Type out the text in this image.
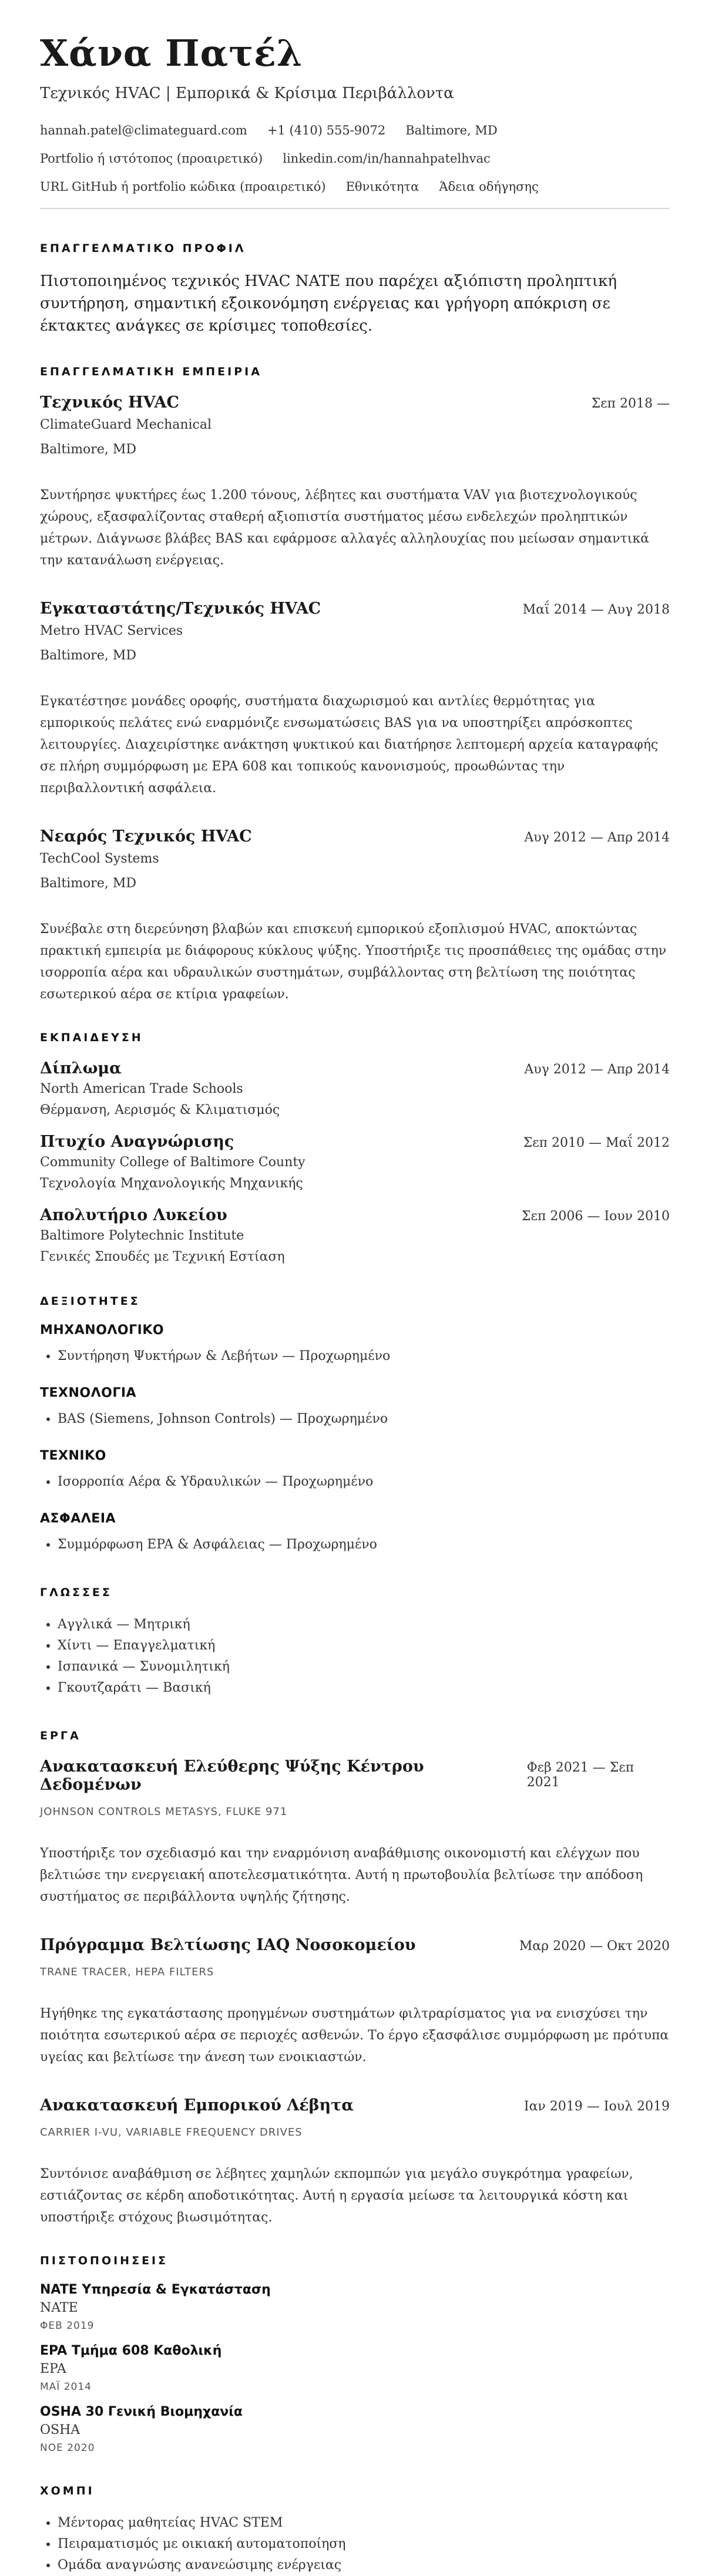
Χάνα Πατέλ
Τεχνικός HVAC | Εμπορικά & Κρίσιμα Περιβάλλοντα
hannah.patel@climateguard.com +1 (410) 555-9072 Baltimore, MD
Portfolio ή ιστότοπος (προαιρετικό) linkedin.com/in/hannahpatelhvac
URL GitHub ή portfolio κώδικα (προαιρετικό) Εθνικότητα Άδεια οδήγησης
ΕΠΑΓΓΕΛΜΑΤΙΚΟ ΠΡΟΦΙΛ

Πιστοποιημένος τεχνικός HVAC NATE που παρέχει αξιόπιστη προληπτική συντήρηση, σημαντική εξοικονόμηση ενέργειας και γρήγορη απόκριση σε έκτακτες ανάγκες σε κρίσιμες τοποθεσίες.

ΕΠΑΓΓΕΛΜΑΤΙΚΗ ΕΜΠΕΙΡΙΑ
Τεχνικός HVAC	Σεπ 2018 —
ClimateGuard Mechanical
Baltimore, MD
Συντήρησε ψυκτήρες έως 1.200 τόνους, λέβητες και συστήματα VAV για βιοτεχνολογικούς χώρους, εξασφαλίζοντας σταθερή αξιοπιστία συστήματος μέσω ενδελεχών προληπτικών μέτρων. Διάγνωσε βλάβες BAS και εφάρμοσε αλλαγές αλληλουχίας που μείωσαν σημαντικά την κατανάλωση ενέργειας.
Εγκαταστάτης/Τεχνικός HVAC	Μαΐ 2014 — Αυγ 2018
Metro HVAC Services
Baltimore, MD
Εγκατέστησε μονάδες οροφής, συστήματα διαχωρισμού και αντλίες θερμότητας για εμπορικούς πελάτες ενώ εναρμόνιζε ενσωματώσεις BAS για να υποστηρίξει απρόσκοπτες λειτουργίες. Διαχειρίστηκε ανάκτηση ψυκτικού και διατήρησε λεπτομερή αρχεία καταγραφής σε πλήρη συμμόρφωση με EPA 608 και τοπικούς κανονισμούς, προωθώντας την περιβαλλοντική ασφάλεια.
Νεαρός Τεχνικός HVAC	Αυγ 2012 — Απρ 2014
TechCool Systems
Baltimore, MD
Συνέβαλε στη διερεύνηση βλαβών και επισκευή εμπορικού εξοπλισμού HVAC, αποκτώντας πρακτική εμπειρία με διάφορους κύκλους ψύξης. Υποστήριξε τις προσπάθειες της ομάδας στην ισορροπία αέρα και υδραυλικών συστημάτων, συμβάλλοντας στη βελτίωση της ποιότητας εσωτερικού αέρα σε κτίρια γραφείων.
ΕΚΠΑΙΔΕΥΣΗ
Δίπλωμα	Αυγ 2012 — Απρ 2014
North American Trade Schools
Θέρμανση, Αερισμός & Κλιματισμός
Πτυχίο Αναγνώρισης	Σεπ 2010 — Μαΐ 2012
Community College of Baltimore County
Τεχνολογία Μηχανολογικής Μηχανικής
Απολυτήριο Λυκείου	Σεπ 2006 — Ιουν 2010
Baltimore Polytechnic Institute
Γενικές Σπουδές με Τεχνική Εστίαση
ΔΕΞΙΟΤΗΤΕΣ
ΜΗΧΑΝΟΛΟΓΙΚΟ
• Συντήρηση Ψυκτήρων & Λεβήτων — Προχωρημένο
ΤΕΧΝΟΛΟΓΙΑ
• BAS (Siemens, Johnson Controls) — Προχωρημένο
ΤΕΧΝΙΚΟ
• Ισορροπία Αέρα & Υδραυλικών — Προχωρημένο
ΑΣΦΑΛΕΙΑ
• Συμμόρφωση EPA & Ασφάλειας — Προχωρημένο
ΓΛΩΣΣΕΣ
• Αγγλικά — Μητρική
• Χίντι — Επαγγελματική
• Ισπανικά — Συνομιλητική
• Γκουτζαράτι — Βασική
ΕΡΓΑ
Ανακατασκευή Ελεύθερης Ψύξης Κέντρου Δεδομένων
Φεβ 2021 — Σεπ 2021
JOHNSON CONTROLS METASYS, FLUKE 971
Υποστήριξε τον σχεδιασμό και την εναρμόνιση αναβάθμισης οικονομιστή και ελέγχων που βελτιώσε την ενεργειακή αποτελεσματικότητα. Αυτή η πρωτοβουλία βελτίωσε την απόδοση συστήματος σε περιβάλλοντα υψηλής ζήτησης.
Πρόγραμμα Βελτίωσης IAQ Νοσοκομείου	Μαρ 2020 — Οκτ 2020
TRANE TRACER, HEPA FILTERS
Ηγήθηκε της εγκατάστασης προηγμένων συστημάτων φιλτραρίσματος για να ενισχύσει την ποιότητα εσωτερικού αέρα σε περιοχές ασθενών. Το έργο εξασφάλισε συμμόρφωση με πρότυπα υγείας και βελτίωσε την άνεση των ενοικιαστών.
Ανακατασκευή Εμπορικού Λέβητα	Ιαν 2019 — Ιουλ 2019
CARRIER I-VU, VARIABLE FREQUENCY DRIVES
Συντόνισε αναβάθμιση σε λέβητες χαμηλών εκπομπών για μεγάλο συγκρότημα γραφείων, εστιάζοντας σε κέρδη αποδοτικότητας. Αυτή η εργασία μείωσε τα λειτουργικά κόστη και υποστήριξε στόχους βιωσιμότητας.
ΠΙΣΤΟΠΟΙΗΣΕΙΣ
NATE Υπηρεσία & Εγκατάσταση
NATE
ΦΕΒ 2019
EPA Τμήμα 608 Καθολική
EPA
ΜΑΪ 2014
OSHA 30 Γενική Βιομηχανία
OSHA
ΝΟΕ 2020
ΧΟΜΠΙ
• Μέντορας μαθητείας HVAC STEM
• Πειραματισμός με οικιακή αυτοματοποίηση
• Ομάδα αναγνώσης ανανεώσιμης ενέργειας
